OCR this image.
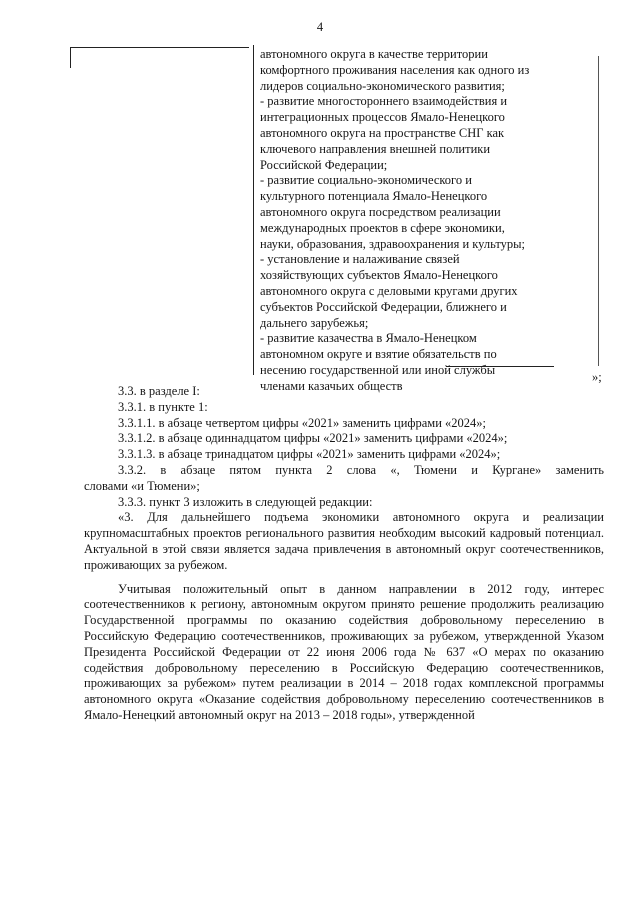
4
автономного округа в качестве территории
комфортного проживания населения как одного из
лидеров социально-экономического развития;
- развитие многостороннего взаимодействия и
интеграционных процессов Ямало-Ненецкого
автономного округа на пространстве СНГ как
ключевого направления внешней политики
Российской Федерации;
- развитие социально-экономического и
культурного потенциала Ямало-Ненецкого
автономного округа посредством реализации
международных проектов в сфере экономики,
науки, образования, здравоохранения и культуры;
- установление и налаживание связей
хозяйствующих субъектов Ямало-Ненецкого
автономного округа с деловыми кругами других
субъектов Российской Федерации, ближнего и
дальнего зарубежья;
- развитие казачества в Ямало-Ненецком
автономном округе и взятие обязательств по
несению государственной или иной службы
членами казачьих обществ
»;
3.3. в разделе I:
3.3.1. в пункте 1:
3.3.1.1. в абзаце четвертом цифры «2021» заменить цифрами «2024»;
3.3.1.2. в абзаце одиннадцатом цифры «2021» заменить цифрами «2024»;
3.3.1.3. в абзаце тринадцатом цифры «2021» заменить цифрами «2024»;
3.3.2. в абзаце пятом пункта 2 слова «, Тюмени и Кургане» заменить
словами «и Тюмени»;
3.3.3. пункт 3 изложить в следующей редакции:

«3. Для дальнейшего подъема экономики автономного округа и реализации крупномасштабных проектов регионального развития необходим высокий кадровый потенциал. Актуальной в этой связи является задача привлечения в автономный округ соотечественников, проживающих за рубежом.

Учитывая положительный опыт в данном направлении в 2012 году, интерес соотечественников к региону, автономным округом принято решение продолжить реализацию Государственной программы по оказанию содействия добровольному переселению в Российскую Федерацию соотечественников, проживающих за рубежом, утвержденной Указом Президента Российской Федерации от 22 июня 2006 года № 637 «О мерах по оказанию содействия добровольному переселению в Российскую Федерацию соотечественников, проживающих за рубежом» путем реализации в 2014 – 2018 годах комплексной программы автономного округа «Оказание содействия добровольному переселению соотечественников в Ямало-Ненецкий автономный округ на 2013 – 2018 годы», утвержденной
